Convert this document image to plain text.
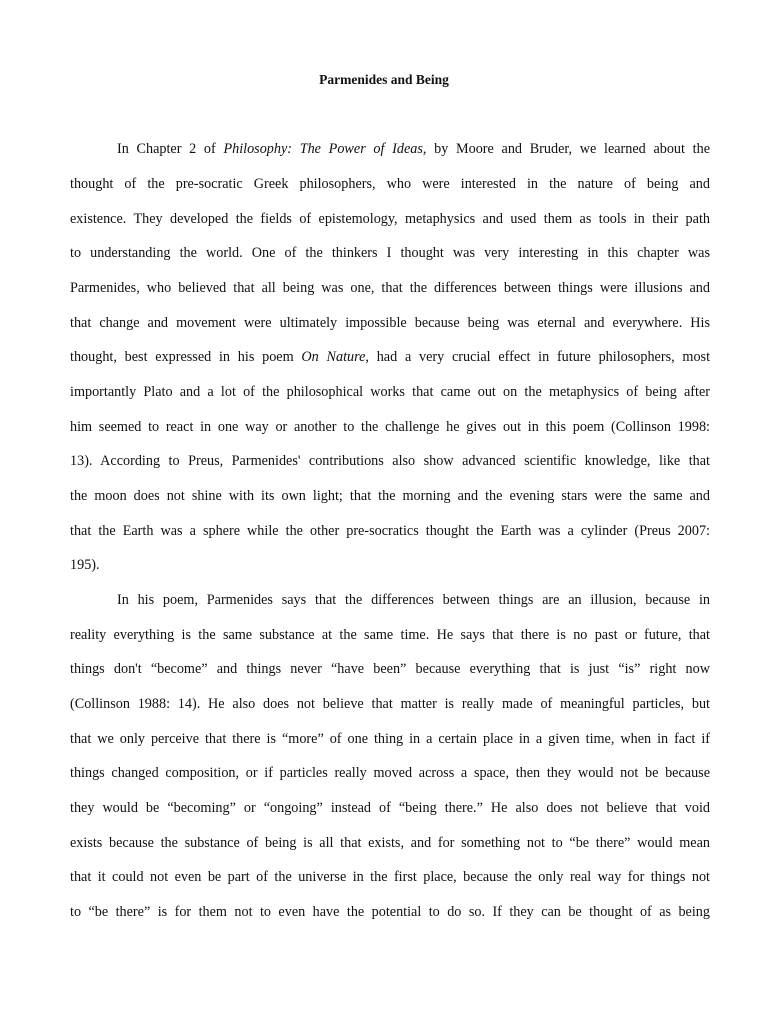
Parmenides and Being
In Chapter 2 of Philosophy: The Power of Ideas, by Moore and Bruder, we learned about the
thought of the pre-socratic Greek philosophers, who were interested in the nature of being and
existence. They developed the fields of epistemology, metaphysics and used them as tools in their path
to understanding the world. One of the thinkers I thought was very interesting in this chapter was
Parmenides, who believed that all being was one, that the differences between things were illusions and
that change and movement were ultimately impossible because being was eternal and everywhere. His
thought, best expressed in his poem On Nature, had a very crucial effect in future philosophers, most
importantly Plato and a lot of the philosophical works that came out on the metaphysics of being after
him seemed to react in one way or another to the challenge he gives out in this poem (Collinson 1998:
13). According to Preus, Parmenides' contributions also show advanced scientific knowledge, like that
the moon does not shine with its own light; that the morning and the evening stars were the same and
that the Earth was a sphere while the other pre-socratics thought the Earth was a cylinder (Preus 2007:
195).
In his poem, Parmenides says that the differences between things are an illusion, because in
reality everything is the same substance at the same time. He says that there is no past or future, that
things don't “become” and things never “have been” because everything that is just “is” right now
(Collinson 1988: 14). He also does not believe that matter is really made of meaningful particles, but
that we only perceive that there is “more” of one thing in a certain place in a given time, when in fact if
things changed composition, or if particles really moved across a space, then they would not be because
they would be “becoming” or “ongoing” instead of “being there.” He also does not believe that void
exists because the substance of being is all that exists, and for something not to “be there” would mean
that it could not even be part of the universe in the first place, because the only real way for things not
to “be there” is for them not to even have the potential to do so. If they can be thought of as being
